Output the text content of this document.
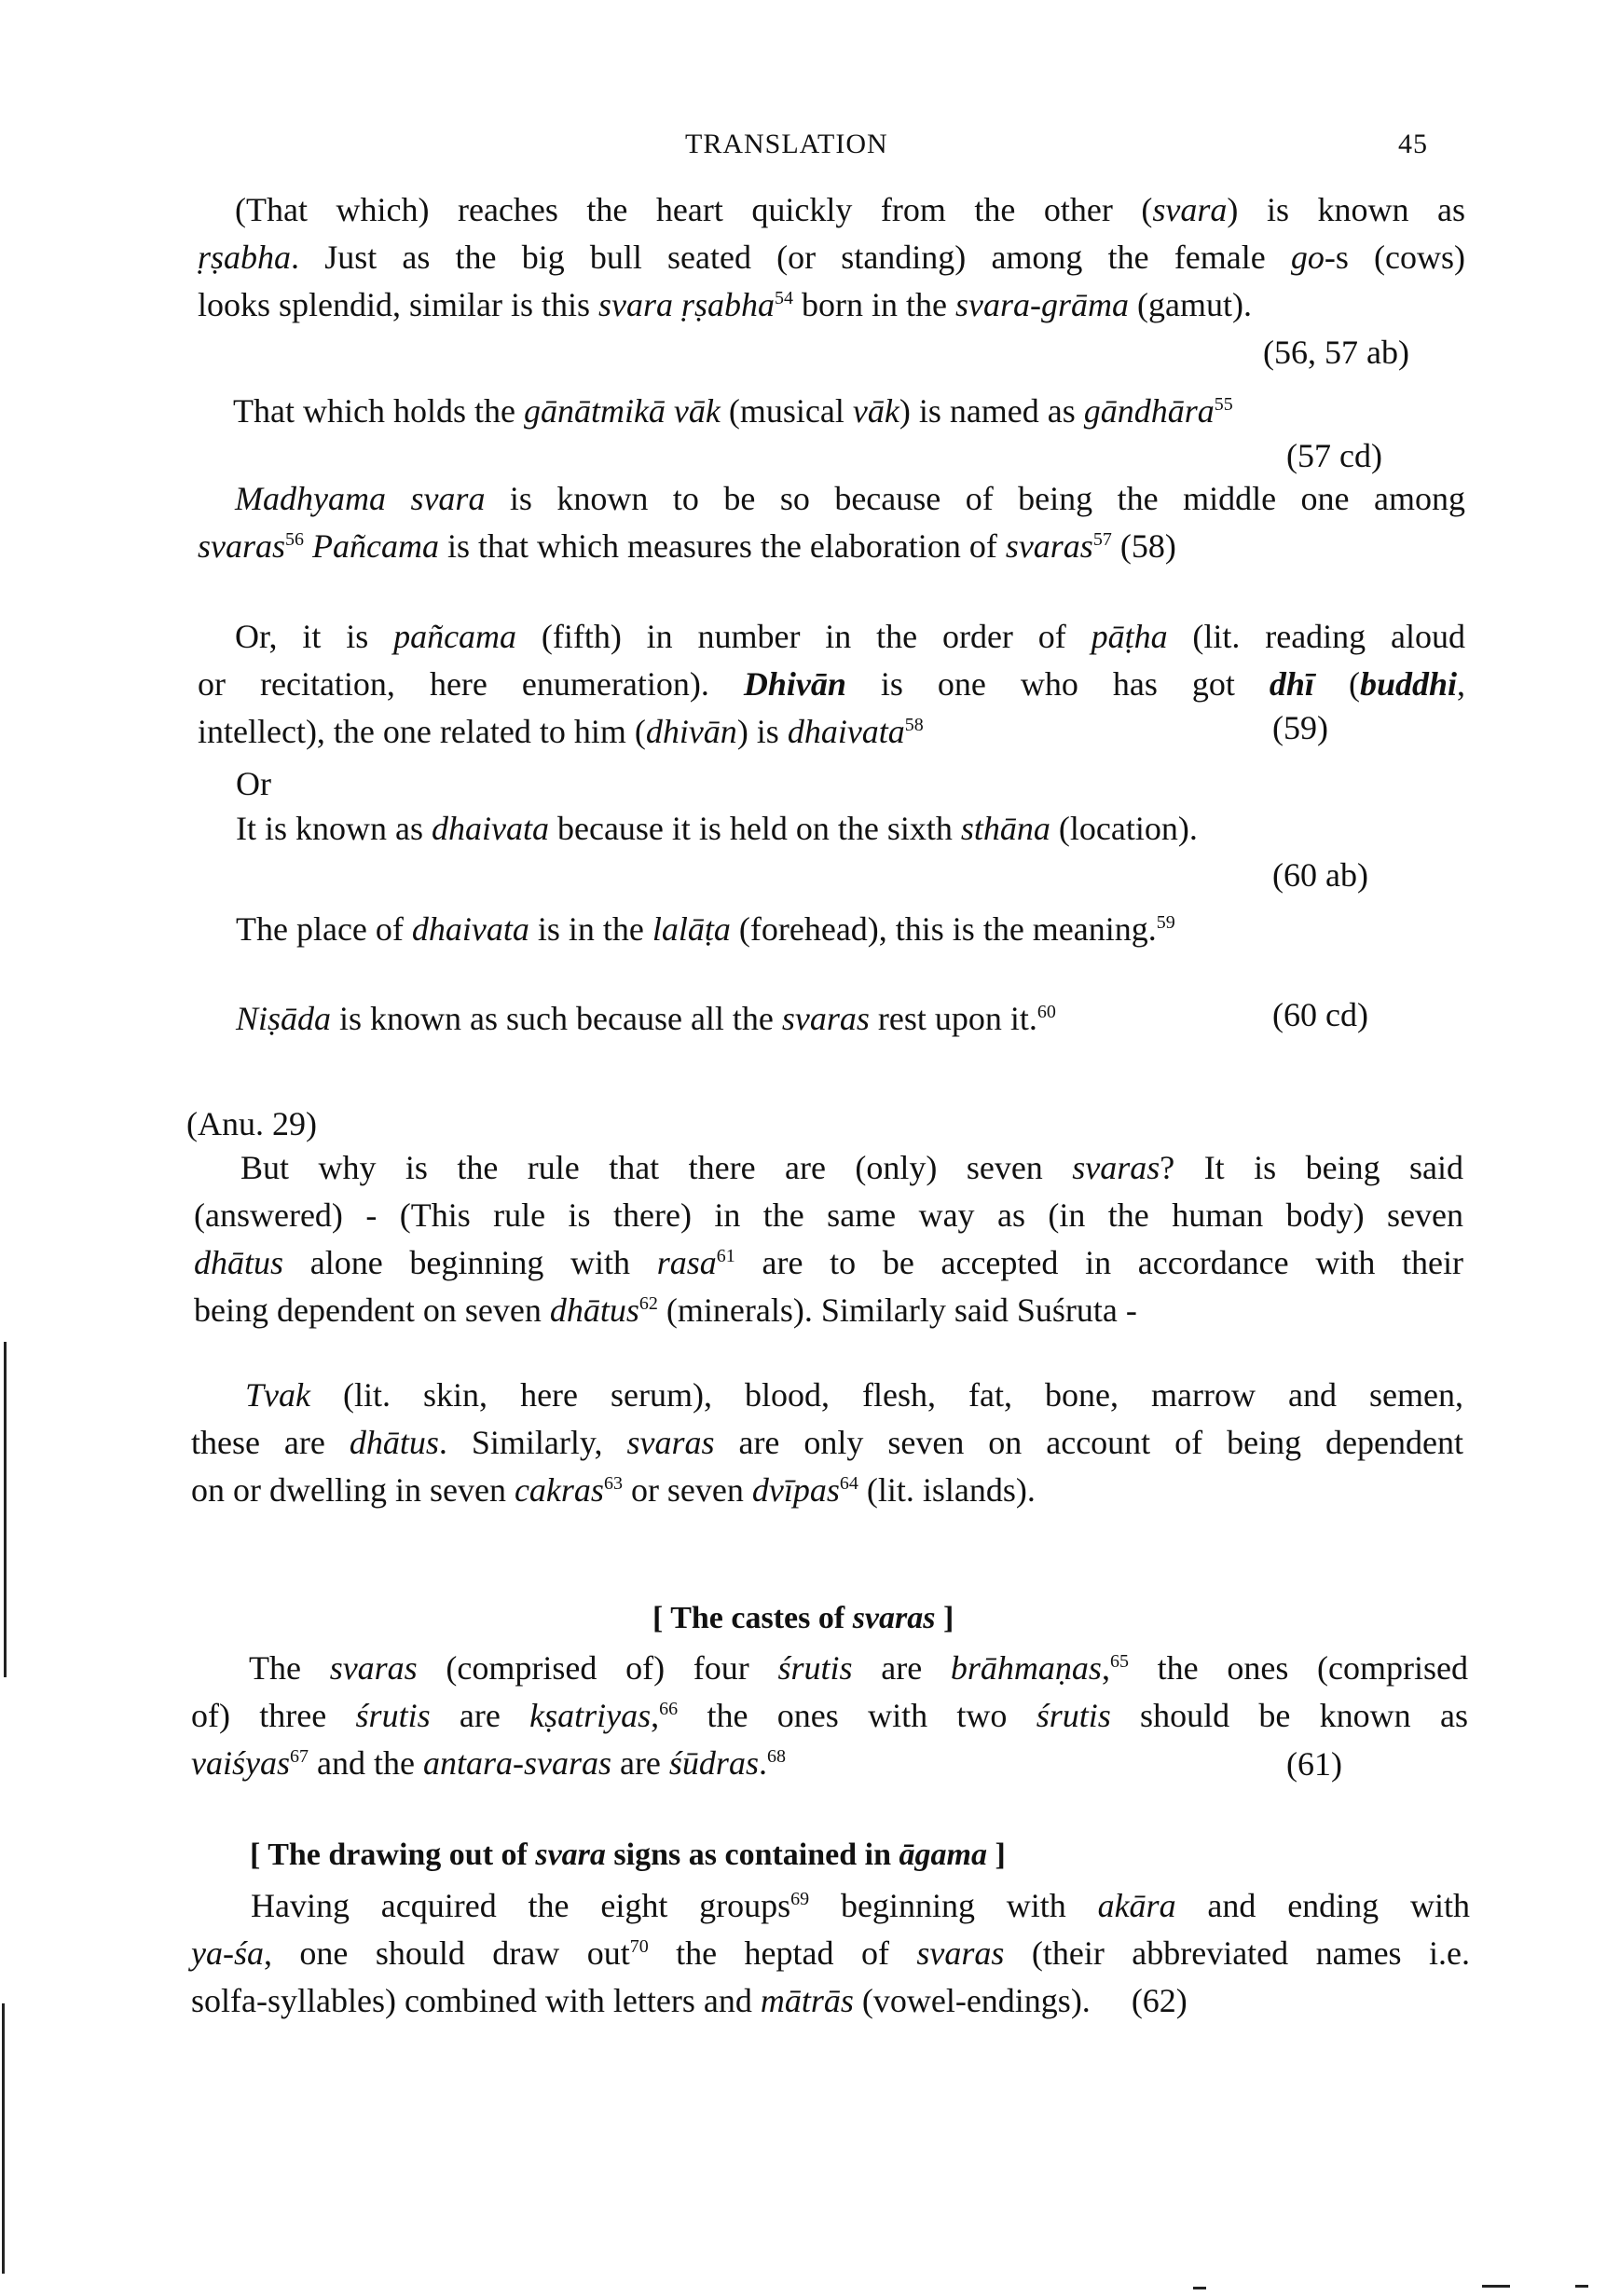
TRANSLATION	45
(That which) reaches the heart quickly from the other (svara) is known as
ṛṣabha. Just as the big bull seated (or standing) among the female go-s (cows)
looks splendid, similar is this svara ṛṣabha$^{54}$ born in the svara-grāma (gamut).
(56, 57 ab)
That which holds the gānātmikā vāk (musical vāk) is named as gāndhāra$^{55}$
(57 cd)
Madhyama svara is known to be so because of being the middle one among
svaras$^{56}$ Pañcama is that which measures the elaboration of svaras$^{57}$ (58)
Or, it is pañcama (fifth) in number in the order of pāṭha (lit. reading aloud
or recitation, here enumeration). Dhivān is one who has got dhī (buddhi,
intellect), the one related to him (dhivān) is dhaivata$^{58}$	(59)
Or
It is known as dhaivata because it is held on the sixth sthāna (location).
(60 ab)
The place of dhaivata is in the lalāṭa (forehead), this is the meaning.$^{59}$
Niṣāda is known as such because all the svaras rest upon it.$^{60}$	(60 cd)
(Anu. 29)
But why is the rule that there are (only) seven svaras? It is being said
(answered) - (This rule is there) in the same way as (in the human body) seven
dhātus alone beginning with rasa$^{61}$ are to be accepted in accordance with their
being dependent on seven dhātus$^{62}$ (minerals). Similarly said Suśruta -
Tvak (lit. skin, here serum), blood, flesh, fat, bone, marrow and semen,
these are dhātus. Similarly, svaras are only seven on account of being dependent
on or dwelling in seven cakras$^{63}$ or seven dvīpas$^{64}$ (lit. islands).
[ The castes of svaras ]
The svaras (comprised of) four śrutis are brāhmaṇas,$^{65}$ the ones (comprised
of) three śrutis are kṣatriyas,$^{66}$ the ones with two śrutis should be known as
vaiśyas$^{67}$ and the antara-svaras are śūdras.$^{68}$	(61)
[ The drawing out of svara signs as contained in āgama ]
Having acquired the eight groups$^{69}$ beginning with akāra and ending with
ya-śa, one should draw out$^{70}$ the heptad of svaras (their abbreviated names i.e.
solfa-syllables) combined with letters and mātrās (vowel-endings). (62)
